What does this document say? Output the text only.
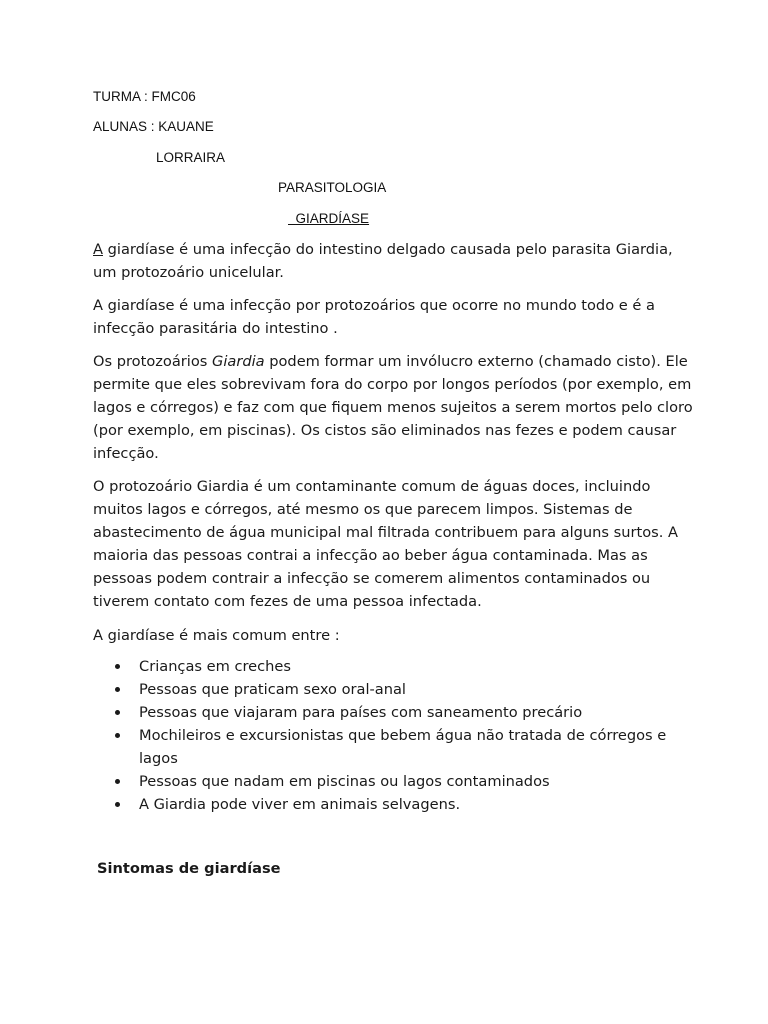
TURMA : FMC06

ALUNAS : KAUANE

LORRAIRA

PARASITOLOGIA

GIARDÍASE

A giardíase é uma infecção do intestino delgado causada pelo parasita Giardia, um protozoário unicelular.

A giardíase é uma infecção por protozoários que ocorre no mundo todo e é a infecção parasitária do intestino .

Os protozoários Giardia podem formar um invólucro externo (chamado cisto). Ele permite que eles sobrevivam fora do corpo por longos períodos (por exemplo, em lagos e córregos) e faz com que fiquem menos sujeitos a serem mortos pelo cloro (por exemplo, em piscinas). Os cistos são eliminados nas fezes e podem causar infecção.

O protozoário Giardia é um contaminante comum de águas doces, incluindo muitos lagos e córregos, até mesmo os que parecem limpos. Sistemas de abastecimento de água municipal mal filtrada contribuem para alguns surtos. A maioria das pessoas contrai a infecção ao beber água contaminada. Mas as pessoas podem contrair a infecção se comerem alimentos contaminados ou tiverem contato com fezes de uma pessoa infectada.

A giardíase é mais comum entre :

Crianças em creches
Pessoas que praticam sexo oral-anal
Pessoas que viajaram para países com saneamento precário
Mochileiros e excursionistas que bebem água não tratada de córregos e lagos
Pessoas que nadam em piscinas ou lagos contaminados
A Giardia pode viver em animais selvagens.

Sintomas de giardíase
